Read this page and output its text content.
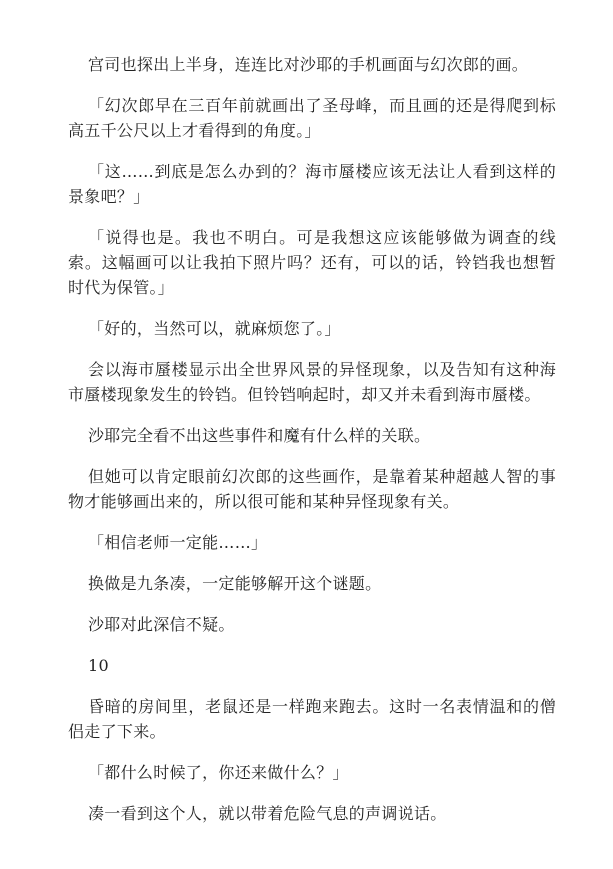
宫司也探出上半身，连连比对沙耶的手机画面与幻次郎的画。

「幻次郎早在三百年前就画出了圣母峰，而且画的还是得爬到标高五千公尺以上才看得到的角度。」

「这……到底是怎么办到的？海市蜃楼应该无法让人看到这样的景象吧？」

「说得也是。我也不明白。可是我想这应该能够做为调查的线索。这幅画可以让我拍下照片吗？还有，可以的话，铃铛我也想暂时代为保管。」

「好的，当然可以，就麻烦您了。」

会以海市蜃楼显示出全世界风景的异怪现象，以及告知有这种海市蜃楼现象发生的铃铛。但铃铛响起时，却又并未看到海市蜃楼。

沙耶完全看不出这些事件和魔有什么样的关联。

但她可以肯定眼前幻次郎的这些画作，是靠着某种超越人智的事物才能够画出来的，所以很可能和某种异怪现象有关。

「相信老师一定能……」

换做是九条凑，一定能够解开这个谜题。

沙耶对此深信不疑。

10

昏暗的房间里，老鼠还是一样跑来跑去。这时一名表情温和的僧侣走了下来。

「都什么时候了，你还来做什么？」

凑一看到这个人，就以带着危险气息的声调说话。
